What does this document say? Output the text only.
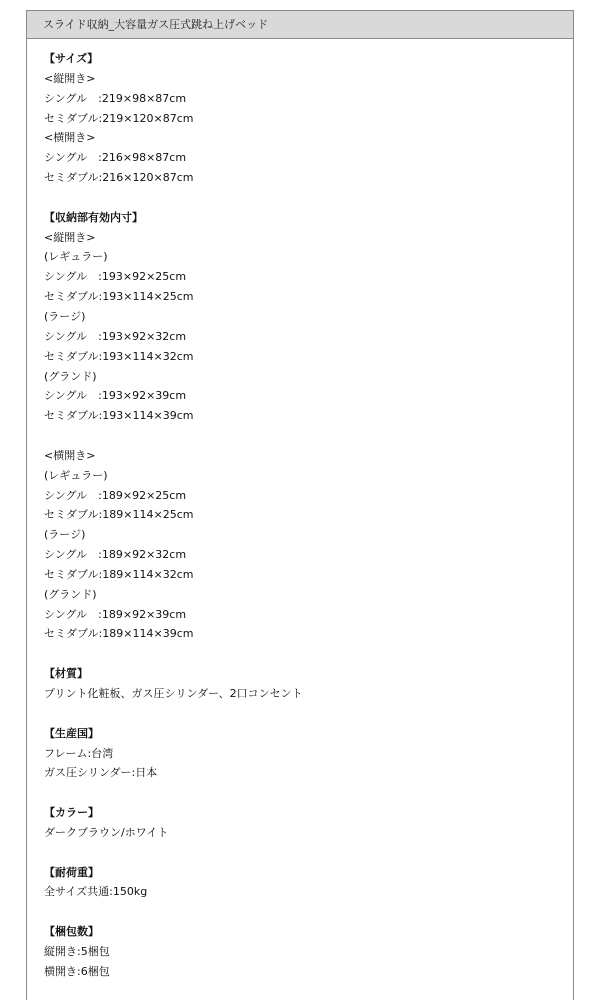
スライド収納_大容量ガス圧式跳ね上げベッド
【サイズ】
<縦開き>
シングル　:219×98×87cm
セミダブル:219×120×87cm
<横開き>
シングル　:216×98×87cm
セミダブル:216×120×87cm
【収納部有効内寸】
<縦開き>
(レギュラー)
シングル　:193×92×25cm
セミダブル:193×114×25cm
(ラージ)
シングル　:193×92×32cm
セミダブル:193×114×32cm
(グランド)
シングル　:193×92×39cm
セミダブル:193×114×39cm
<横開き>
(レギュラー)
シングル　:189×92×25cm
セミダブル:189×114×25cm
(ラージ)
シングル　:189×92×32cm
セミダブル:189×114×32cm
(グランド)
シングル　:189×92×39cm
セミダブル:189×114×39cm
【材質】
プリント化粧板、ガス圧シリンダー、2口コンセント
【生産国】
フレーム:台湾
ガス圧シリンダー:日本
【カラー】
ダークブラウン/ホワイト
【耐荷重】
全サイズ共通:150kg
【梱包数】
縦開き:5梱包
横開き:6梱包
